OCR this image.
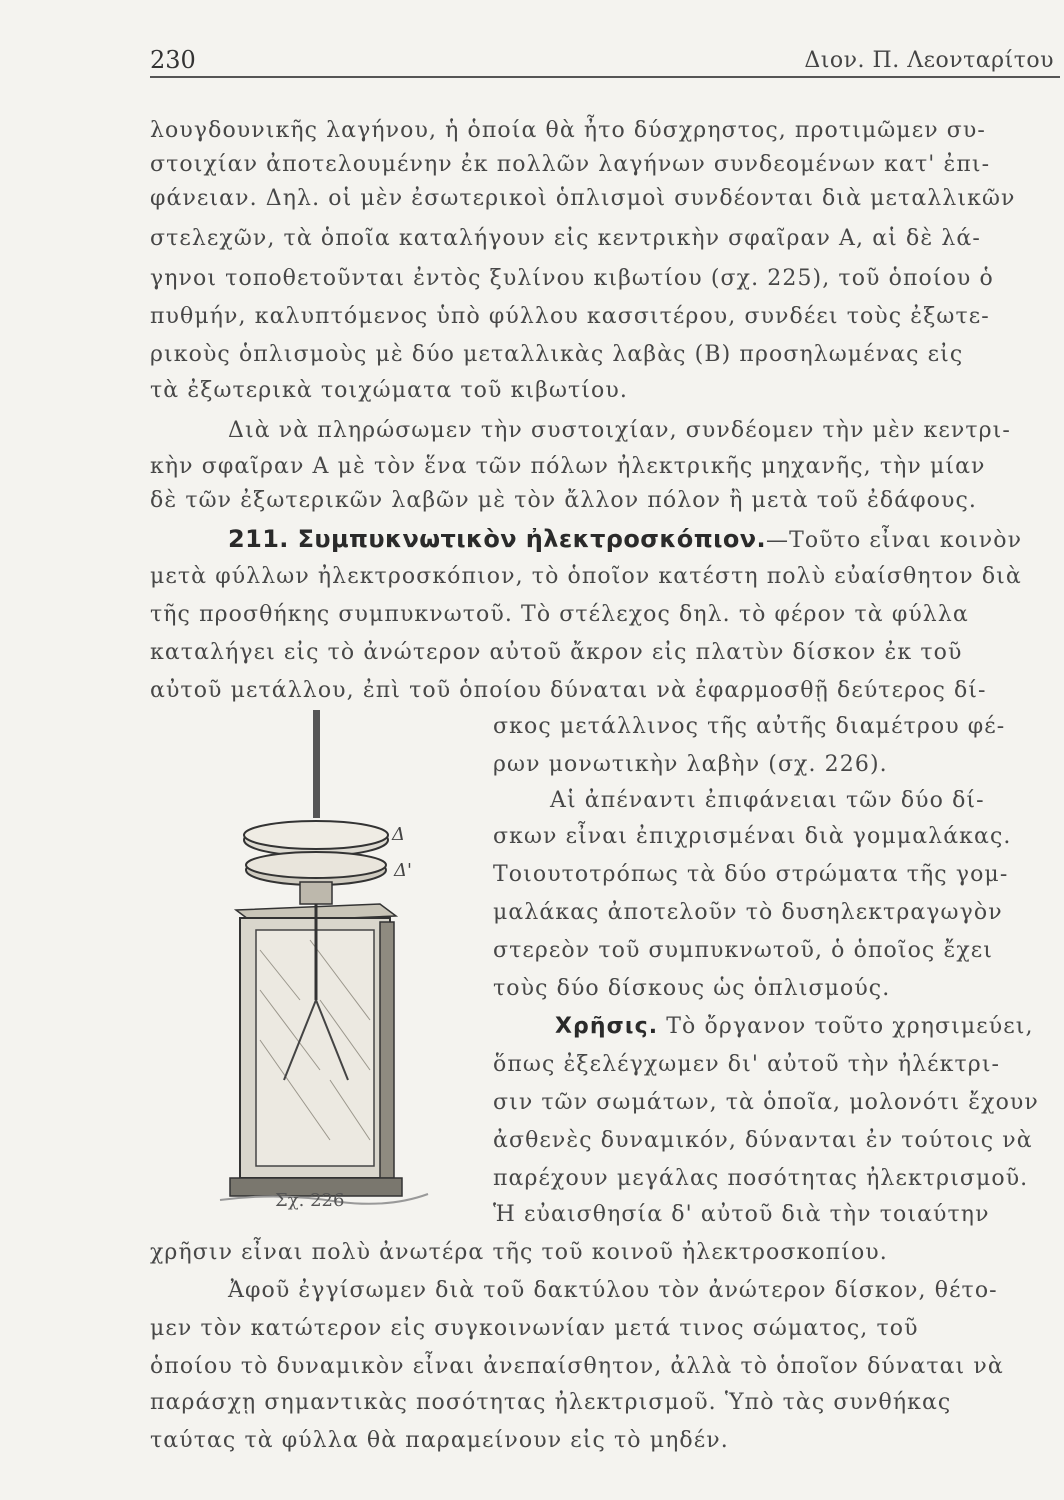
230	Διον. Π. Λεονταρίτου
λουγδουνικῆς λαγήνου, ἡ ὁποία θὰ ἦτο δύσχρηστος, προτιμῶμεν συ-
στοιχίαν ἀποτελουμένην ἐκ πολλῶν λαγήνων συνδεομένων κατ' ἐπι-
φάνειαν. Δηλ. οἱ μὲν ἐσωτερικοὶ ὁπλισμοὶ συνδέονται διὰ μεταλλικῶν
στελεχῶν, τὰ ὁποῖα καταλήγουν εἰς κεντρικὴν σφαῖραν Α, αἱ δὲ λά-
γηνοι τοποθετοῦνται ἐντὸς ξυλίνου κιβωτίου (σχ. 225), τοῦ ὁποίου ὁ
πυθμήν, καλυπτόμενος ὑπὸ φύλλου κασσιτέρου, συνδέει τοὺς ἐξωτε-
ρικοὺς ὁπλισμοὺς μὲ δύο μεταλλικὰς λαβὰς (Β) προσηλωμένας εἰς
τὰ ἐξωτερικὰ τοιχώματα τοῦ κιβωτίου.
Διὰ νὰ πληρώσωμεν τὴν συστοιχίαν, συνδέομεν τὴν μὲν κεντρι-
κὴν σφαῖραν Α μὲ τὸν ἕνα τῶν πόλων ἠλεκτρικῆς μηχανῆς, τὴν μίαν
δὲ τῶν ἐξωτερικῶν λαβῶν μὲ τὸν ἄλλον πόλον ἢ μετὰ τοῦ ἐδάφους.
211. Συμπυκνωτικὸν ἠλεκτροσκόπιον.—Τοῦτο εἶναι κοινὸν
μετὰ φύλλων ἠλεκτροσκόπιον, τὸ ὁποῖον κατέστη πολὺ εὐαίσθητον διὰ
τῆς προσθήκης συμπυκνωτοῦ. Τὸ στέλεχος δηλ. τὸ φέρον τὰ φύλλα
καταλήγει εἰς τὸ ἀνώτερον αὐτοῦ ἄκρον εἰς πλατὺν δίσκον ἐκ τοῦ
αὐτοῦ μετάλλου, ἐπὶ τοῦ ὁποίου δύναται νὰ ἐφαρμοσθῇ δεύτερος δί-
σκος μετάλλινος τῆς αὐτῆς διαμέτρου φέ-
ρων μονωτικὴν λαβὴν (σχ. 226).
Αἱ ἀπέναντι ἐπιφάνειαι τῶν δύο δί-
σκων εἶναι ἐπιχρισμέναι διὰ γομμαλάκας.
Τοιουτοτρόπως τὰ δύο στρώματα τῆς γομ-
μαλάκας ἀποτελοῦν τὸ δυσηλεκτραγωγὸν
στερεὸν τοῦ συμπυκνωτοῦ, ὁ ὁποῖος ἔχει
τοὺς δύο δίσκους ὡς ὁπλισμούς.
Χρῆσις. Τὸ ὄργανον τοῦτο χρησιμεύει,
ὅπως ἐξελέγχωμεν δι' αὐτοῦ τὴν ἠλέκτρι-
σιν τῶν σωμάτων, τὰ ὁποῖα, μολονότι ἔχουν
ἀσθενὲς δυναμικόν, δύνανται ἐν τούτοις νὰ
παρέχουν μεγάλας ποσότητας ἠλεκτρισμοῦ.
Ἡ εὐαισθησία δ' αὐτοῦ διὰ τὴν τοιαύτην
χρῆσιν εἶναι πολὺ ἀνωτέρα τῆς τοῦ κοινοῦ ἠλεκτροσκοπίου.
Ἀφοῦ ἐγγίσωμεν διὰ τοῦ δακτύλου τὸν ἀνώτερον δίσκον, θέτο-
μεν τὸν κατώτερον εἰς συγκοινωνίαν μετά τινος σώματος, τοῦ
ὁποίου τὸ δυναμικὸν εἶναι ἀνεπαίσθητον, ἀλλὰ τὸ ὁποῖον δύναται νὰ
παράσχῃ σημαντικὰς ποσότητας ἠλεκτρισμοῦ. Ὑπὸ τὰς συνθήκας
ταύτας τὰ φύλλα θὰ παραμείνουν εἰς τὸ μηδέν.
Δ
Δ'
Σχ. 226
